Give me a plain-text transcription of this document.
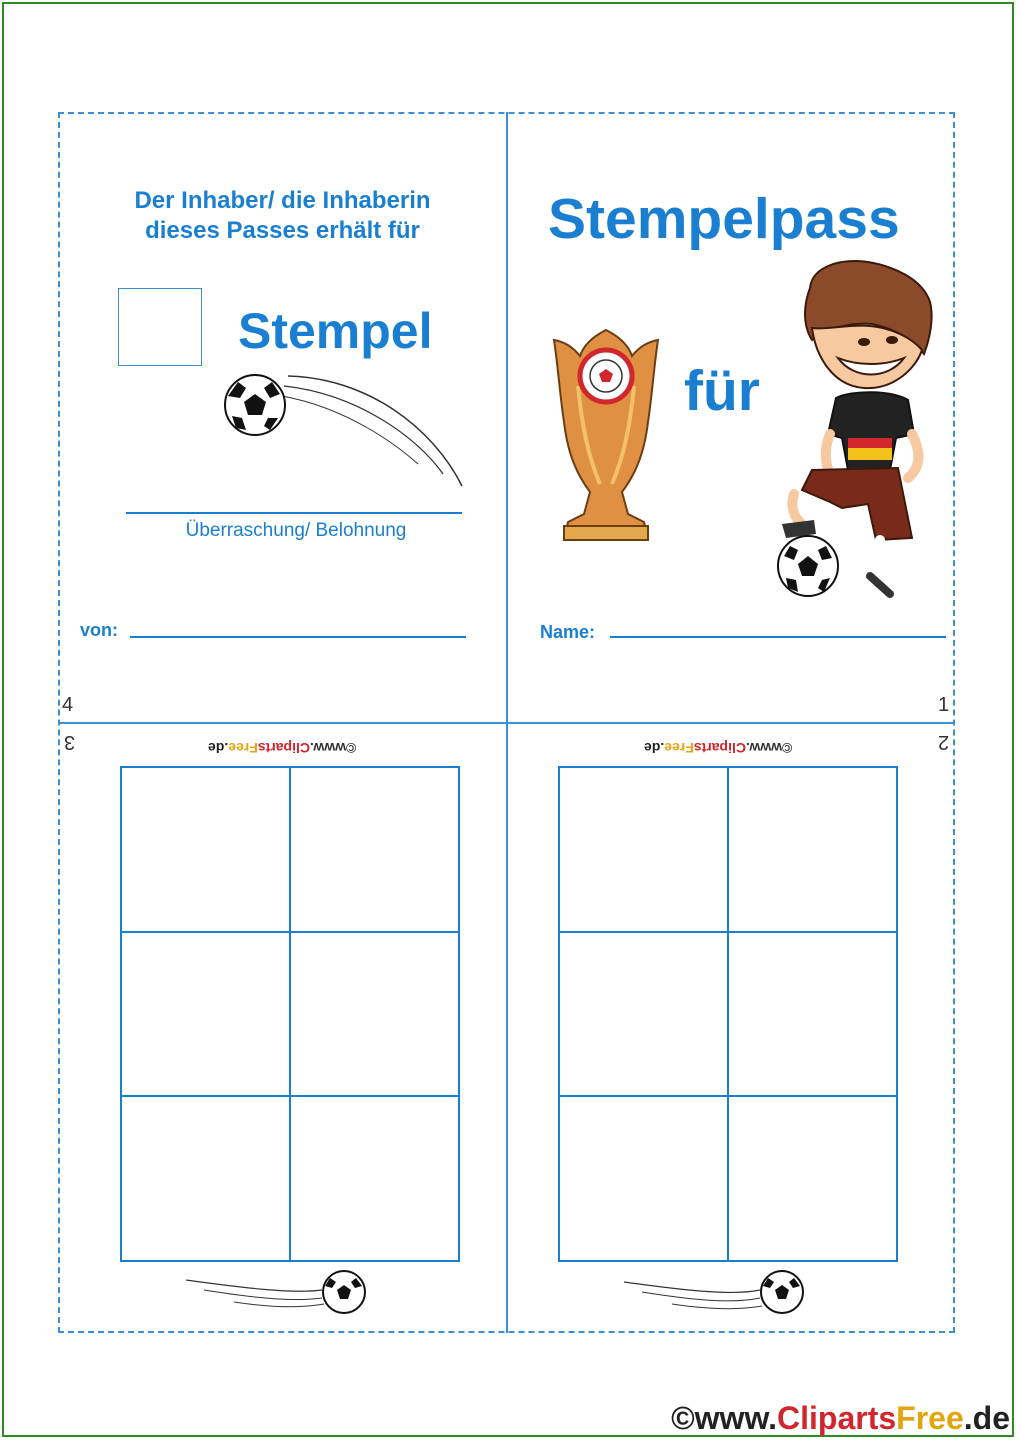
Der Inhaber/ die Inhaberin
dieses Passes erhält für
Stempel
Überraschung/ Belohnung
von:
Stempelpass
für
Name:
4	1
3	2
©www.ClipartsFree.de	©www.ClipartsFree.de
©www.ClipartsFree.de
